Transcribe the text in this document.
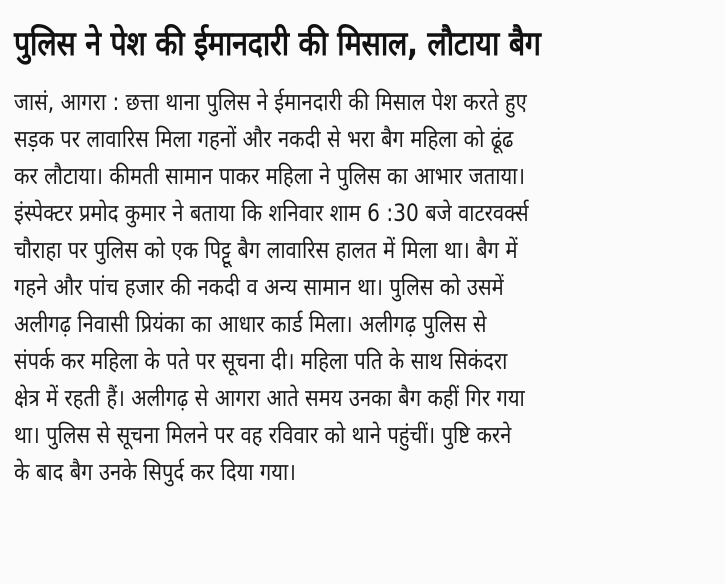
पुलिस ने पेश की ईमानदारी की मिसाल, लौटाया बैग
जासं, आगरा : छत्ता थाना पुलिस ने ईमानदारी की मिसाल पेश करते हुए
सड़क पर लावारिस मिला गहनों और नकदी से भरा बैग महिला को ढूंढ
कर लौटाया। कीमती सामान पाकर महिला ने पुलिस का आभार जताया।
इंस्पेक्टर प्रमोद कुमार ने बताया कि शनिवार शाम 6 :30 बजे वाटरवर्क्स
चौराहा पर पुलिस को एक पिट्टू बैग लावारिस हालत में मिला था। बैग में
गहने और पांच हजार की नकदी व अन्य सामान था। पुलिस को उसमें
अलीगढ़ निवासी प्रियंका का आधार कार्ड मिला। अलीगढ़ पुलिस से
संपर्क कर महिला के पते पर सूचना दी। महिला पति के साथ सिकंदरा
क्षेत्र में रहती हैं। अलीगढ़ से आगरा आते समय उनका बैग कहीं गिर गया
था। पुलिस से सूचना मिलने पर वह रविवार को थाने पहुंचीं। पुष्टि करने
के बाद बैग उनके सिपुर्द कर दिया गया।
